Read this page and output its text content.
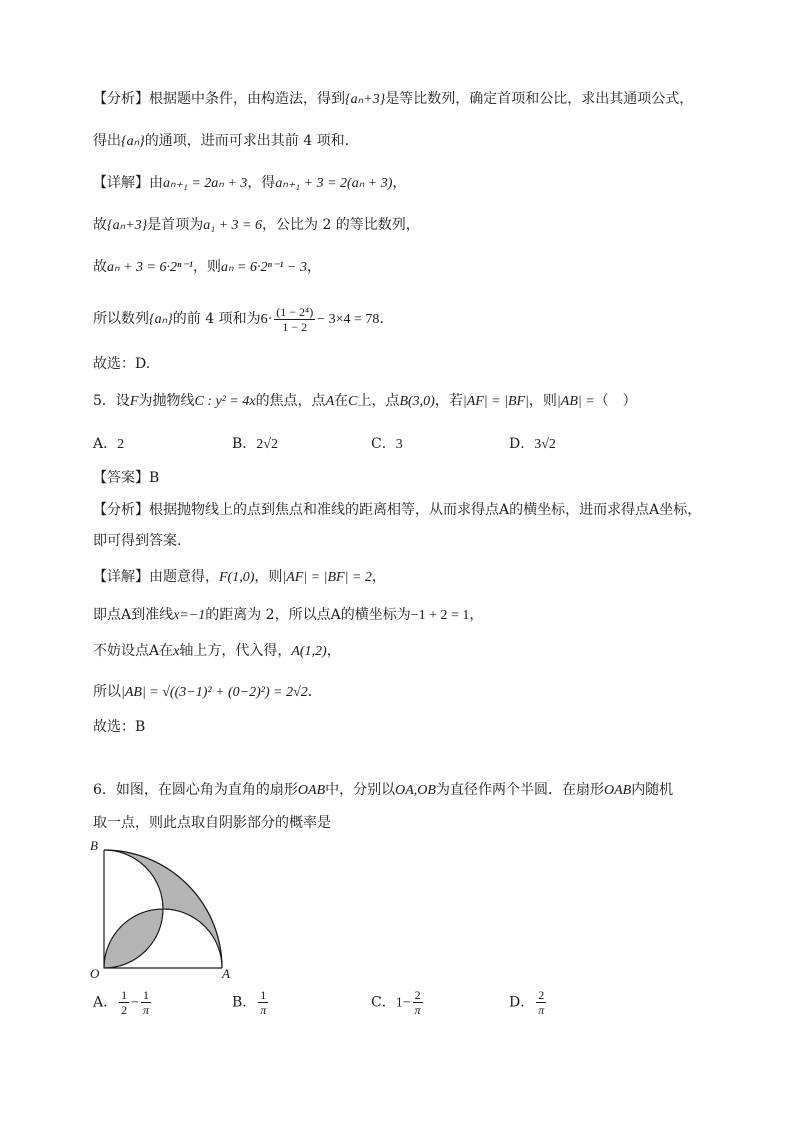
【分析】根据题中条件，由构造法，得到{aₙ+3}是等比数列，确定首项和公比，求出其通项公式，
得出{aₙ}的通项，进而可求出其前 4 项和.
【详解】由aₙ₊₁ = 2aₙ + 3，得aₙ₊₁ + 3 = 2(aₙ + 3)，
故{aₙ+3}是首项为a₁ + 3 = 6，公比为 2 的等比数列，
故aₙ + 3 = 6·2ⁿ⁻¹，则aₙ = 6·2ⁿ⁻¹ − 3，
所以数列{aₙ}的前 4 项和为$6\cdot \frac{\text{(1 − 2⁴)}}{1 - 2} - 3\times 4 = 78$.
故选：D.
5．设F为抛物线C : y² = 4x的焦点，点A在C上，点B(3,0)，若|AF| = |BF|，则|AB| =（　）
A．2	B．2√2	C．3	D．3√2
【答案】B
【分析】根据抛物线上的点到焦点和准线的距离相等，从而求得点A的横坐标，进而求得点A坐标，
即可得到答案.
【详解】由题意得，F(1,0)，则|AF| = |BF| = 2，
即点A到准线x=−1的距离为 2，所以点A的横坐标为−1 + 2 = 1，
不妨设点A在x轴上方，代入得，A(1,2)，
所以|AB| = √((3−1)² + (0−2)²) = 2√2.
故选：B
6．如图，在圆心角为直角的扇形OAB中，分别以OA,OB为直径作两个半圆．在扇形OAB内随机
取一点，则此点取自阴影部分的概率是
B
O	A
A． $\frac{1}{2} - \frac{1}{\pi}$	B． $\frac{1}{\pi}$	C．$1- \frac{2}{\pi}$	D． $\frac{2}{\pi}$
